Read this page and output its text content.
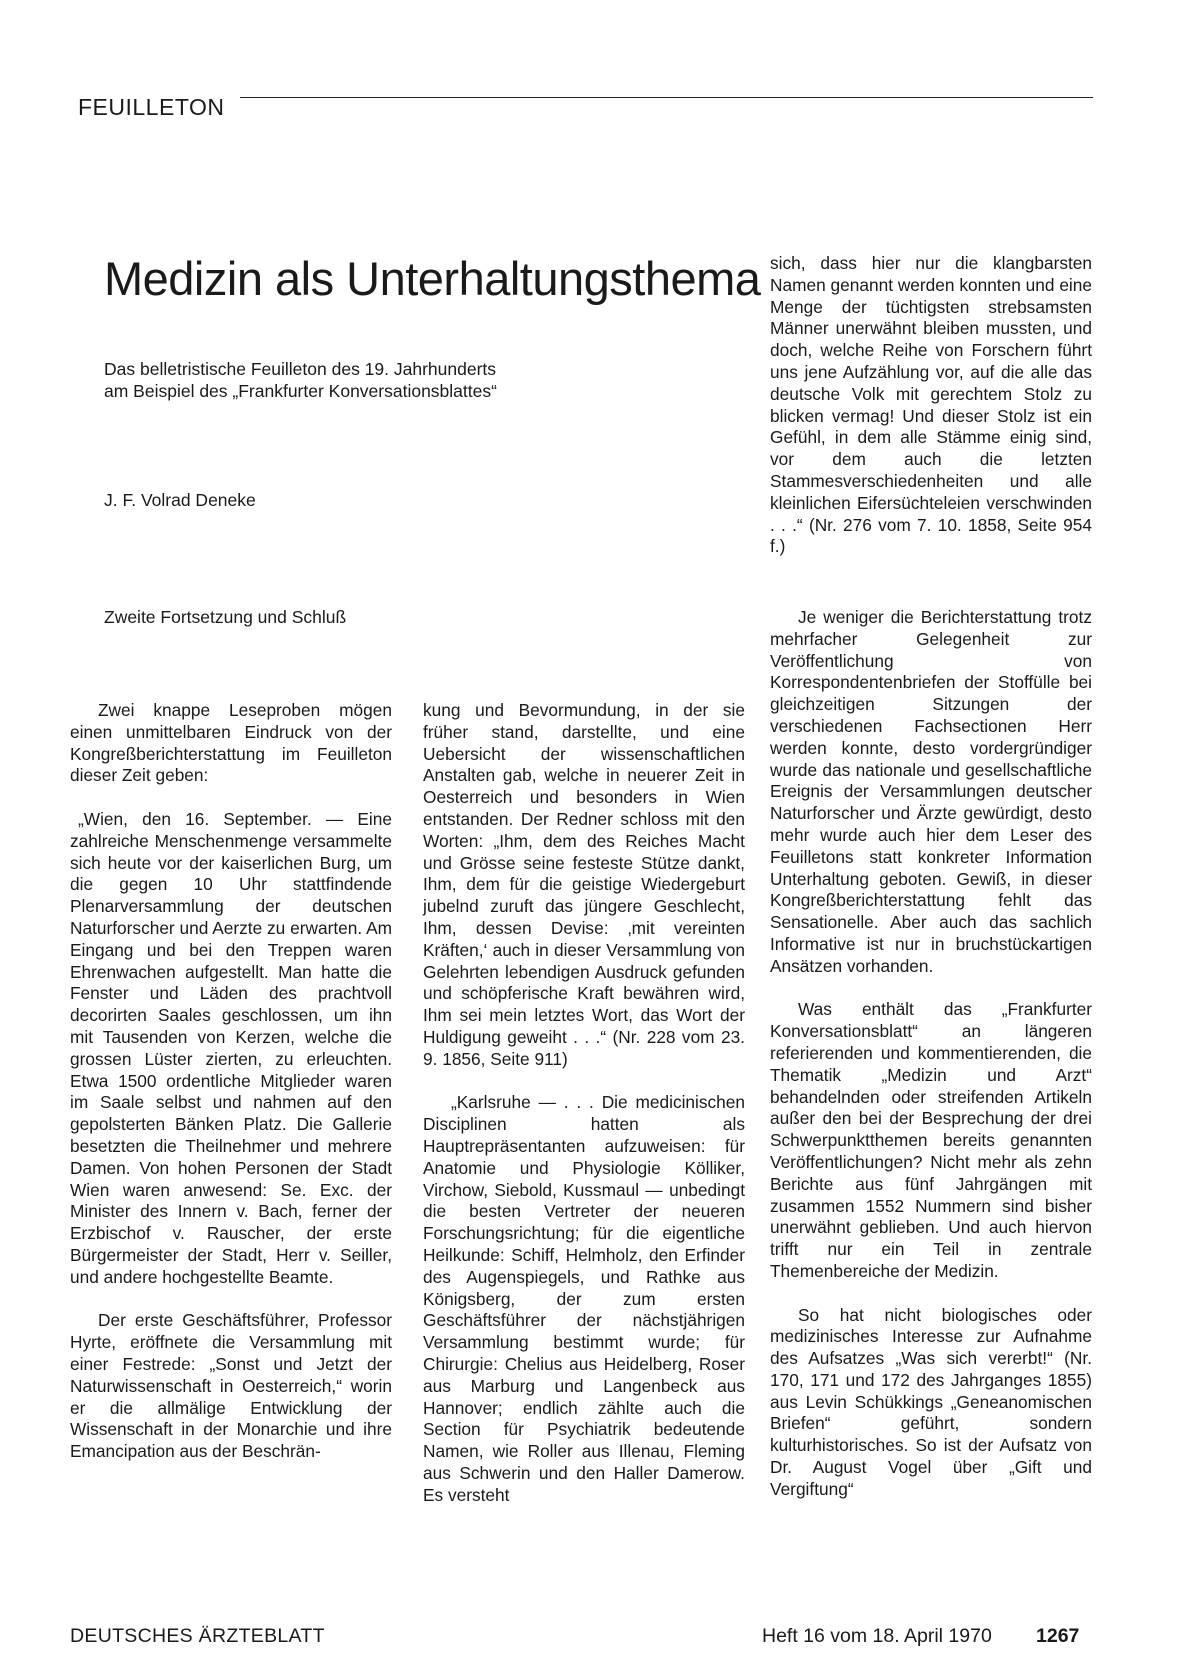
FEUILLETON
Medizin als Unterhaltungsthema
Das belletristische Feuilleton des 19. Jahrhunderts
am Beispiel des „Frankfurter Konversationsblattes“
J. F. Volrad Deneke
Zweite Fortsetzung und Schluß

Zwei knappe Leseproben mögen einen unmittelbaren Eindruck von der Kongreßberichterstattung im Feuilleton dieser Zeit geben:

„Wien, den 16. September. — Eine zahlreiche Menschenmenge versammelte sich heute vor der kaiserlichen Burg, um die gegen 10 Uhr stattfindende Plenarversammlung der deutschen Naturforscher und Aerzte zu erwarten. Am Eingang und bei den Treppen waren Ehrenwachen aufgestellt. Man hatte die Fenster und Läden des prachtvoll decorirten Saales geschlossen, um ihn mit Tausenden von Kerzen, welche die grossen Lüster zierten, zu erleuchten. Etwa 1500 ordentliche Mitglieder waren im Saale selbst und nahmen auf den gepolsterten Bänken Platz. Die Gallerie besetzten die Theilnehmer und mehrere Damen. Von hohen Personen der Stadt Wien waren anwesend: Se. Exc. der Minister des Innern v. Bach, ferner der Erzbischof v. Rauscher, der erste Bürgermeister der Stadt, Herr v. Seiller, und andere hochgestellte Beamte.

Der erste Geschäftsführer, Professor Hyrte, eröffnete die Versammlung mit einer Festrede: „Sonst und Jetzt der Naturwissenschaft in Oesterreich,“ worin er die allmälige Entwicklung der Wissenschaft in der Monarchie und ihre Emancipation aus der Beschrän-

kung und Bevormundung, in der sie früher stand, darstellte, und eine Uebersicht der wissenschaftlichen Anstalten gab, welche in neuerer Zeit in Oesterreich und besonders in Wien entstanden. Der Redner schloss mit den Worten: „Ihm, dem des Reiches Macht und Grösse seine festeste Stütze dankt, Ihm, dem für die geistige Wiedergeburt jubelnd zuruft das jüngere Geschlecht, Ihm, dessen Devise: ‚mit vereinten Kräften,‘ auch in dieser Versammlung von Gelehrten lebendigen Ausdruck gefunden und schöpferische Kraft bewähren wird, Ihm sei mein letztes Wort, das Wort der Huldigung geweiht . . .“ (Nr. 228 vom 23. 9. 1856, Seite 911)

„Karlsruhe — . . . Die medicinischen Disciplinen hatten als Hauptrepräsentanten aufzuweisen: für Anatomie und Physiologie Kölliker, Virchow, Siebold, Kussmaul — unbedingt die besten Vertreter der neueren Forschungsrichtung; für die eigentliche Heilkunde: Schiff, Helmholz, den Erfinder des Augenspiegels, und Rathke aus Königsberg, der zum ersten Geschäftsführer der nächstjährigen Versammlung bestimmt wurde; für Chirurgie: Chelius aus Heidelberg, Roser aus Marburg und Langenbeck aus Hannover; endlich zählte auch die Section für Psychiatrik bedeutende Namen, wie Roller aus Illenau, Fleming aus Schwerin und den Haller Damerow. Es versteht

sich, dass hier nur die klangbarsten Namen genannt werden konnten und eine Menge der tüchtigsten strebsamsten Männer unerwähnt bleiben mussten, und doch, welche Reihe von Forschern führt uns jene Aufzählung vor, auf die alle das deutsche Volk mit gerechtem Stolz zu blicken vermag! Und dieser Stolz ist ein Gefühl, in dem alle Stämme einig sind, vor dem auch die letzten Stammesverschiedenheiten und alle kleinlichen Eifersüchteleien verschwinden . . .“ (Nr. 276 vom 7. 10. 1858, Seite 954 f.)

Je weniger die Berichterstattung trotz mehrfacher Gelegenheit zur Veröffentlichung von Korrespondentenbriefen der Stoffülle bei gleichzeitigen Sitzungen der verschiedenen Fachsectionen Herr werden konnte, desto vordergründiger wurde das nationale und gesellschaftliche Ereignis der Versammlungen deutscher Naturforscher und Ärzte gewürdigt, desto mehr wurde auch hier dem Leser des Feuilletons statt konkreter Information Unterhaltung geboten. Gewiß, in dieser Kongreßberichterstattung fehlt das Sensationelle. Aber auch das sachlich Informative ist nur in bruchstückartigen Ansätzen vorhanden.

Was enthält das „Frankfurter Konversationsblatt“ an längeren referierenden und kommentierenden, die Thematik „Medizin und Arzt“ behandelnden oder streifenden Artikeln außer den bei der Besprechung der drei Schwerpunktthemen bereits genannten Veröffentlichungen? Nicht mehr als zehn Berichte aus fünf Jahrgängen mit zusammen 1552 Nummern sind bisher unerwähnt geblieben. Und auch hiervon trifft nur ein Teil in zentrale Themenbereiche der Medizin.

So hat nicht biologisches oder medizinisches Interesse zur Aufnahme des Aufsatzes „Was sich vererbt!“ (Nr. 170, 171 und 172 des Jahrganges 1855) aus Levin Schükkings „Geneanomischen Briefen“ geführt, sondern kulturhistorisches. So ist der Aufsatz von Dr. August Vogel über „Gift und Vergiftung“

DEUTSCHES ÄRZTEBLATT	Heft 16 vom 18. April 1970 1267
